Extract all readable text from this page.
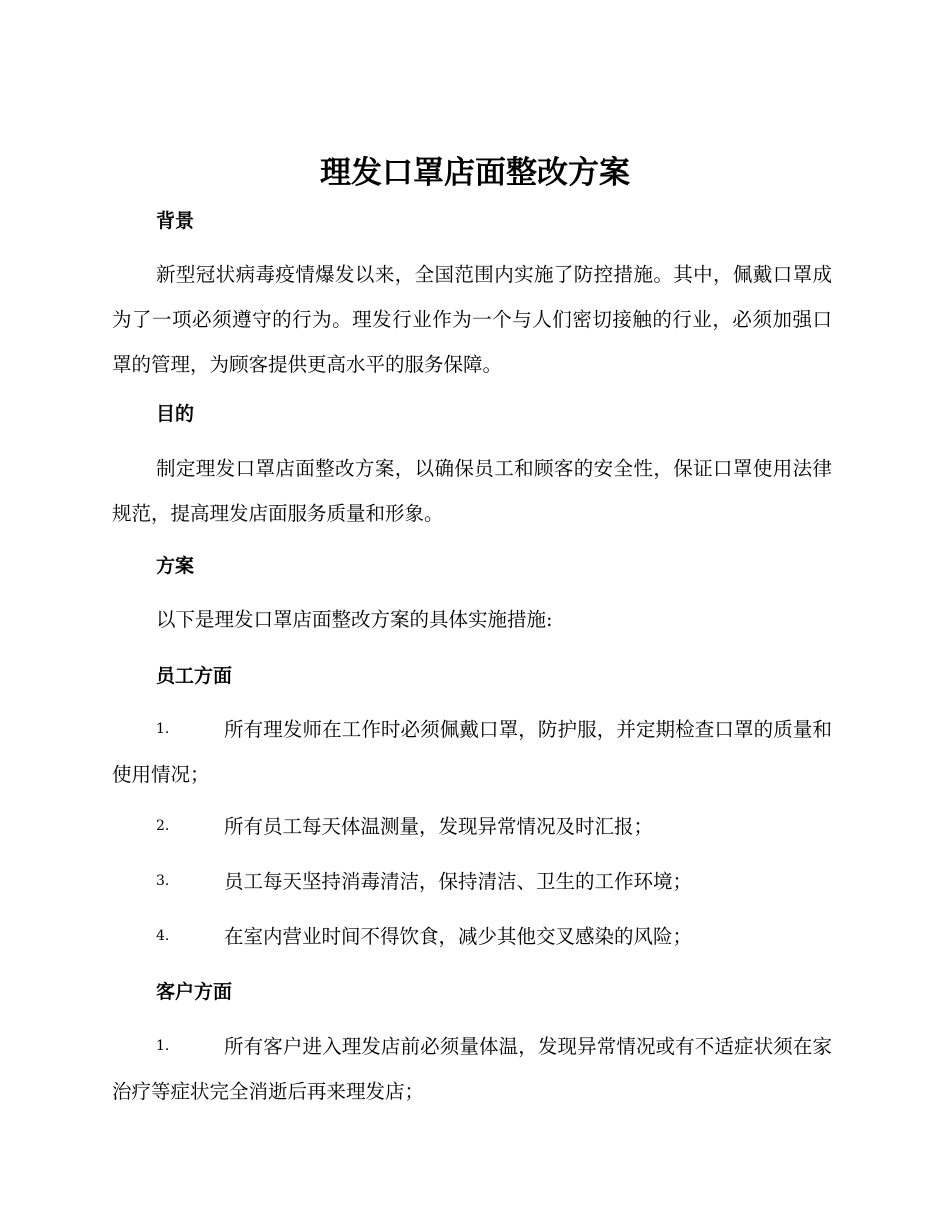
理发口罩店面整改方案
背景

新型冠状病毒疫情爆发以来，全国范围内实施了防控措施。其中，佩戴口罩成为了一项必须遵守的行为。理发行业作为一个与人们密切接触的行业，必须加强口罩的管理，为顾客提供更高水平的服务保障。

目的

制定理发口罩店面整改方案，以确保员工和顾客的安全性，保证口罩使用法律规范，提高理发店面服务质量和形象。

方案

以下是理发口罩店面整改方案的具体实施措施:

员工方面
1.	所有理发师在工作时必须佩戴口罩，防护服，并定期检查口罩的质量和使用情况；
2.	所有员工每天体温测量，发现异常情况及时汇报；
3.	员工每天坚持消毒清洁，保持清洁、卫生的工作环境；
4.	在室内营业时间不得饮食，减少其他交叉感染的风险；
客户方面
1.	所有客户进入理发店前必须量体温，发现异常情况或有不适症状须在家治疗等症状完全消逝后再来理发店；
